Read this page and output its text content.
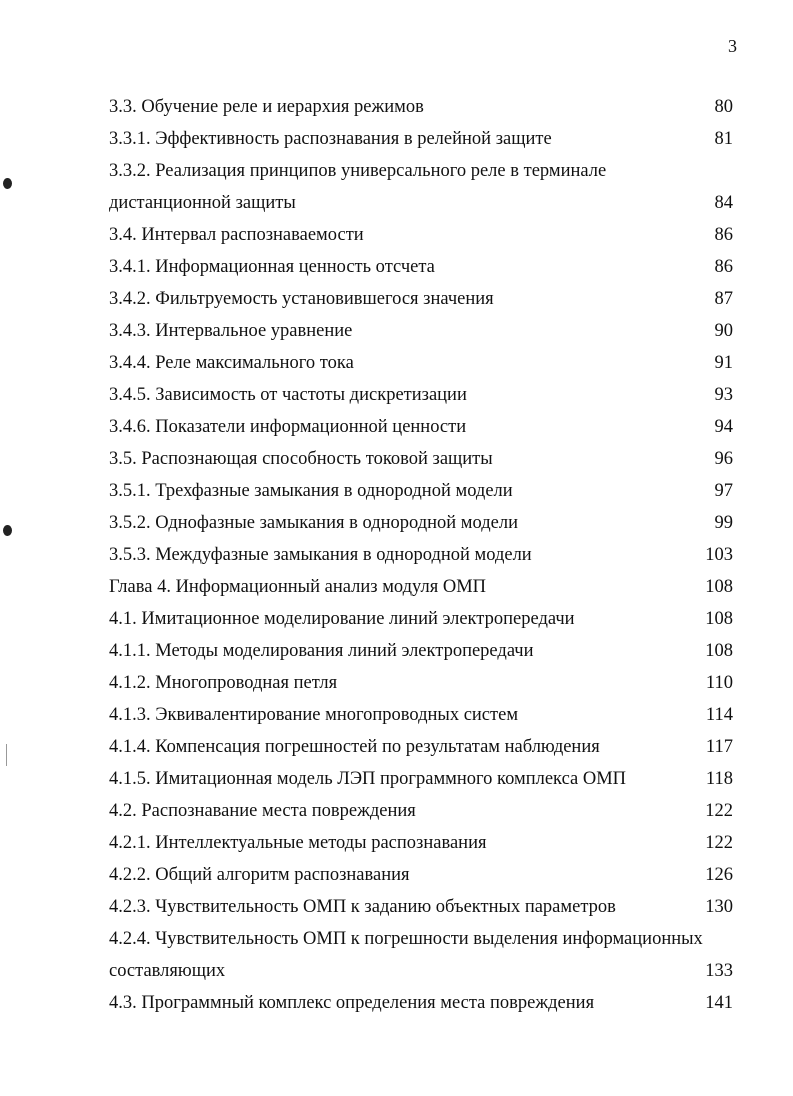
3
3.3. Обучение реле и иерархия режимов	80
3.3.1. Эффективность распознавания в релейной защите	81
3.3.2. Реализация принципов универсального реле в терминале
дистанционной защиты	84
3.4. Интервал распознаваемости	86
3.4.1. Информационная ценность отсчета	86
3.4.2. Фильтруемость установившегося значения	87
3.4.3. Интервальное уравнение	90
3.4.4. Реле максимального тока	91
3.4.5. Зависимость от частоты дискретизации	93
3.4.6. Показатели информационной ценности	94
3.5. Распознающая способность токовой защиты	96
3.5.1. Трехфазные замыкания в однородной модели	97
3.5.2. Однофазные замыкания в однородной модели	99
3.5.3. Междуфазные замыкания в однородной модели	103
Глава 4. Информационный анализ модуля ОМП	108
4.1. Имитационное моделирование линий электропередачи	108
4.1.1. Методы моделирования линий электропередачи	108
4.1.2. Многопроводная петля	110
4.1.3. Эквивалентирование многопроводных систем	114
4.1.4. Компенсация погрешностей по результатам наблюдения	117
4.1.5. Имитационная модель ЛЭП программного комплекса ОМП	118
4.2. Распознавание места повреждения	122
4.2.1. Интеллектуальные методы распознавания	122
4.2.2. Общий алгоритм распознавания	126
4.2.3. Чувствительность ОМП к заданию объектных параметров	130
4.2.4. Чувствительность ОМП к погрешности выделения информационных
составляющих	133
4.3. Программный комплекс определения места повреждения	141
